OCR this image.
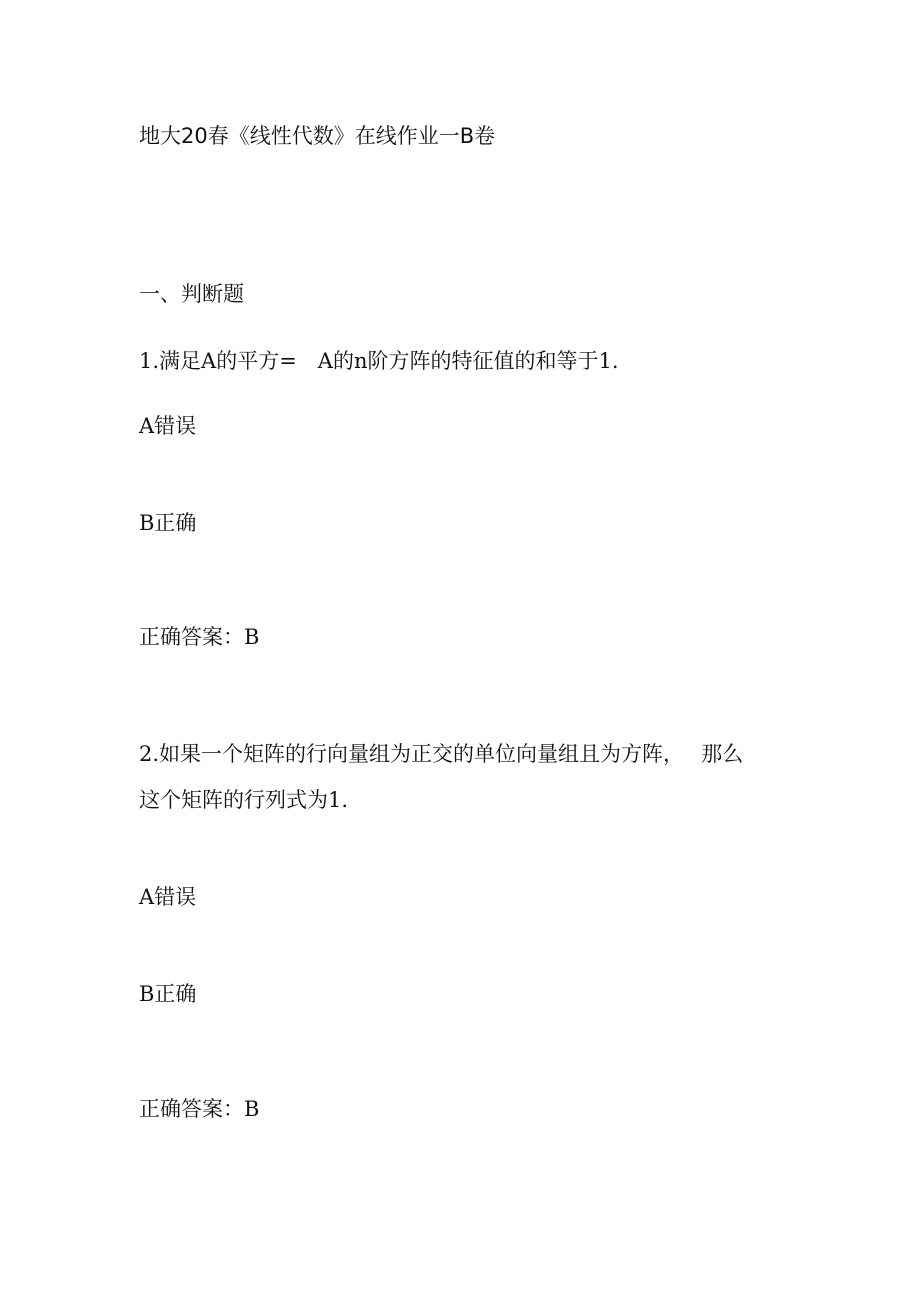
地大20春《线性代数》在线作业一B卷

一、判断题

1.满足A的平方=　A的n阶方阵的特征值的和等于1.

A错误

B正确

正确答案：B

2.如果一个矩阵的行向量组为正交的单位向量组且为方阵，　 那么

这个矩阵的行列式为1.

A错误

B正确

正确答案：B
